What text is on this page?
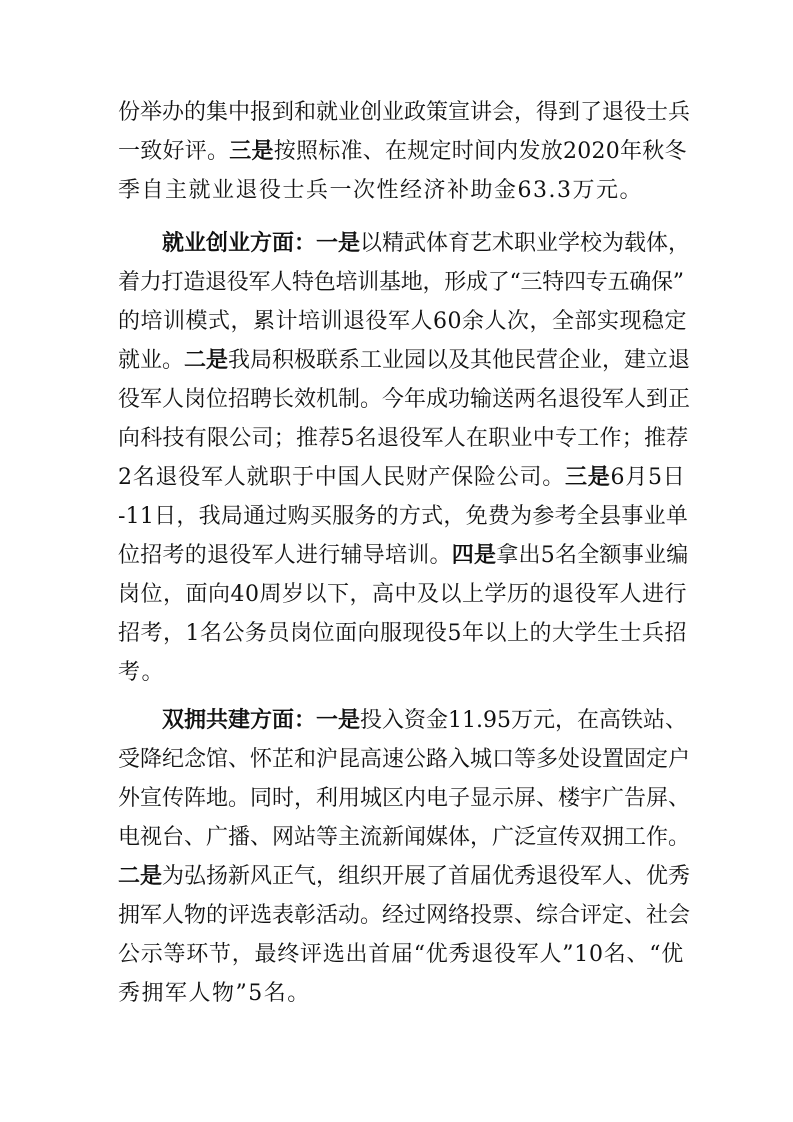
份举办的集中报到和就业创业政策宣讲会，得到了退役士兵
一致好评。三是按照标准、在规定时间内发放2020年秋冬
季自主就业退役士兵一次性经济补助金63.3万元。
就业创业方面：一是以精武体育艺术职业学校为载体，
着力打造退役军人特色培训基地，形成了“三特四专五确保”
的培训模式，累计培训退役军人60余人次，全部实现稳定
就业。二是我局积极联系工业园以及其他民营企业，建立退
役军人岗位招聘长效机制。今年成功输送两名退役军人到正
向科技有限公司；推荐5名退役军人在职业中专工作；推荐
2名退役军人就职于中国人民财产保险公司。三是6月5日
-11日，我局通过购买服务的方式，免费为参考全县事业单
位招考的退役军人进行辅导培训。四是拿出5名全额事业编
岗位，面向40周岁以下，高中及以上学历的退役军人进行
招考，1名公务员岗位面向服现役5年以上的大学生士兵招
考。
双拥共建方面：一是投入资金11.95万元，在高铁站、
受降纪念馆、怀芷和沪昆高速公路入城口等多处设置固定户
外宣传阵地。同时，利用城区内电子显示屏、楼宇广告屏、
电视台、广播、网站等主流新闻媒体，广泛宣传双拥工作。
二是为弘扬新风正气，组织开展了首届优秀退役军人、优秀
拥军人物的评选表彰活动。经过网络投票、综合评定、社会
公示等环节，最终评选出首届“优秀退役军人”10名、“优
秀拥军人物”5名。
